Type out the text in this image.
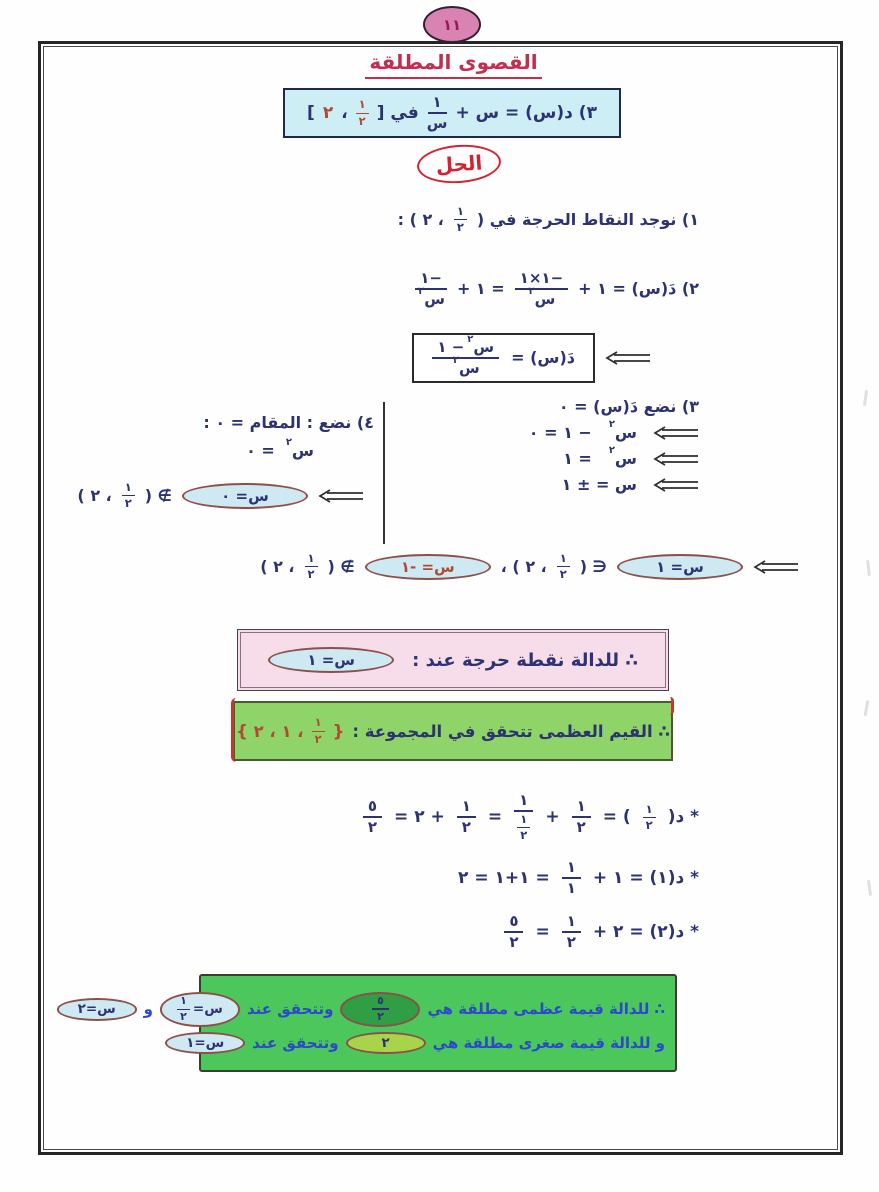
١١
القصوى المطلقة
٣) د(س) = س +
$\frac{١}{\text{س}}$
في [
$\frac{١}{٢}$
،
٢
]
الحل
١) نوجد النقاط الحرجة في (
$\frac{١}{٢}$
، ٢ ) :
٢) دَ(س) = ١ +
−١×١
س
٢
= ١ +
−١
س
٢
دَ(س) =
س
٢
− ١
س
٢
٣) نضع دَ(س) = ٠
س
٢
− ١ = ٠
س
٢
= ١
س = ± ١
٤) نضع : المقام = ٠ :
س
٢
= ٠
س= ٠
∌ (
$\frac{١}{٢}$
، ٢ )
س= ١
∈ (
$\frac{١}{٢}$
، ٢ ) ،
س= -١
∌ (
$\frac{١}{٢}$
، ٢ )
∴ للدالة نقطة حرجة عند :
س= ١
∴ القيم العظمى تتحقق في المجموعة :
{
$\frac{١}{٢}$
، ١ ، ٢ }
* د(
$\frac{١}{٢}$
) =
$\frac{١}{٢}$
+
$\frac{١}{\frac{١}{٢}}$
=
$\frac{١}{٢}$
+ ٢ =
$\frac{٥}{٢}$
* د(١) = ١ +
$\frac{١}{١}$
= ١+١ = ٢
* د(٢) = ٢ +
$\frac{١}{٢}$
=
$\frac{٥}{٢}$
∴ للدالة قيمة عظمى مطلقة هي
$\frac{٥}{٢}$
وتتحقق عند
س=
$\frac{١}{٢}$
و
س=٢
و للدالة قيمة صغرى مطلقة هي
٢
وتتحقق عند
س=١
